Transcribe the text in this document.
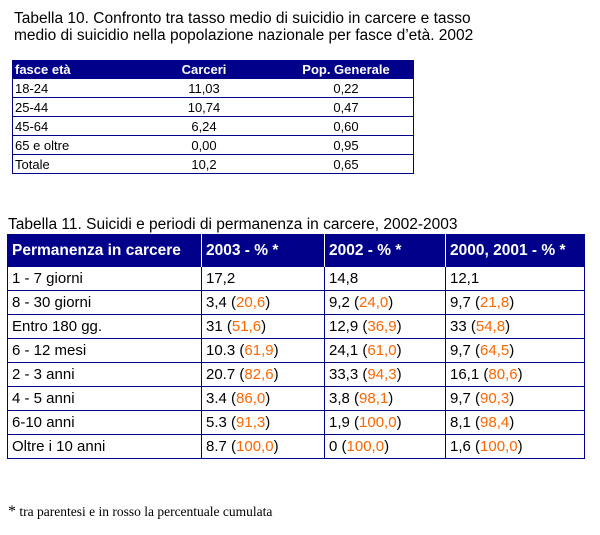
Tabella 10. Confronto tra tasso medio di suicidio in carcere e tasso
medio di suicidio nella popolazione nazionale per fasce d’età. 2002
fasce età	Carceri	Pop. Generale
18-24	11,03	0,22
25-44	10,74	0,47
45-64	6,24	0,60
65 e oltre	0,00	0,95
Totale	10,2	0,65
Tabella 11. Suicidi e periodi di permanenza in carcere, 2002-2003
Permanenza in carcere	2003 - % *	2002 - % *	2000, 2001 - % *
1 - 7 giorni	17,2	14,8	12,1
8 - 30 giorni	3,4 (20,6)	9,2 (24,0)	9,7 (21,8)
Entro 180 gg.	31 (51,6)	12,9 (36,9)	33 (54,8)
6 - 12 mesi	10.3 (61,9)	24,1 (61,0)	9,7 (64,5)
2 - 3 anni	20.7 (82,6)	33,3 (94,3)	16,1 (80,6)
4 - 5 anni	3.4 (86,0)	3,8 (98,1)	9,7 (90,3)
6-10 anni	5.3 (91,3)	1,9 (100,0)	8,1 (98,4)
Oltre i 10 anni	8.7 (100,0)	0 (100,0)	1,6 (100,0)
* tra parentesi e in rosso la percentuale cumulata
